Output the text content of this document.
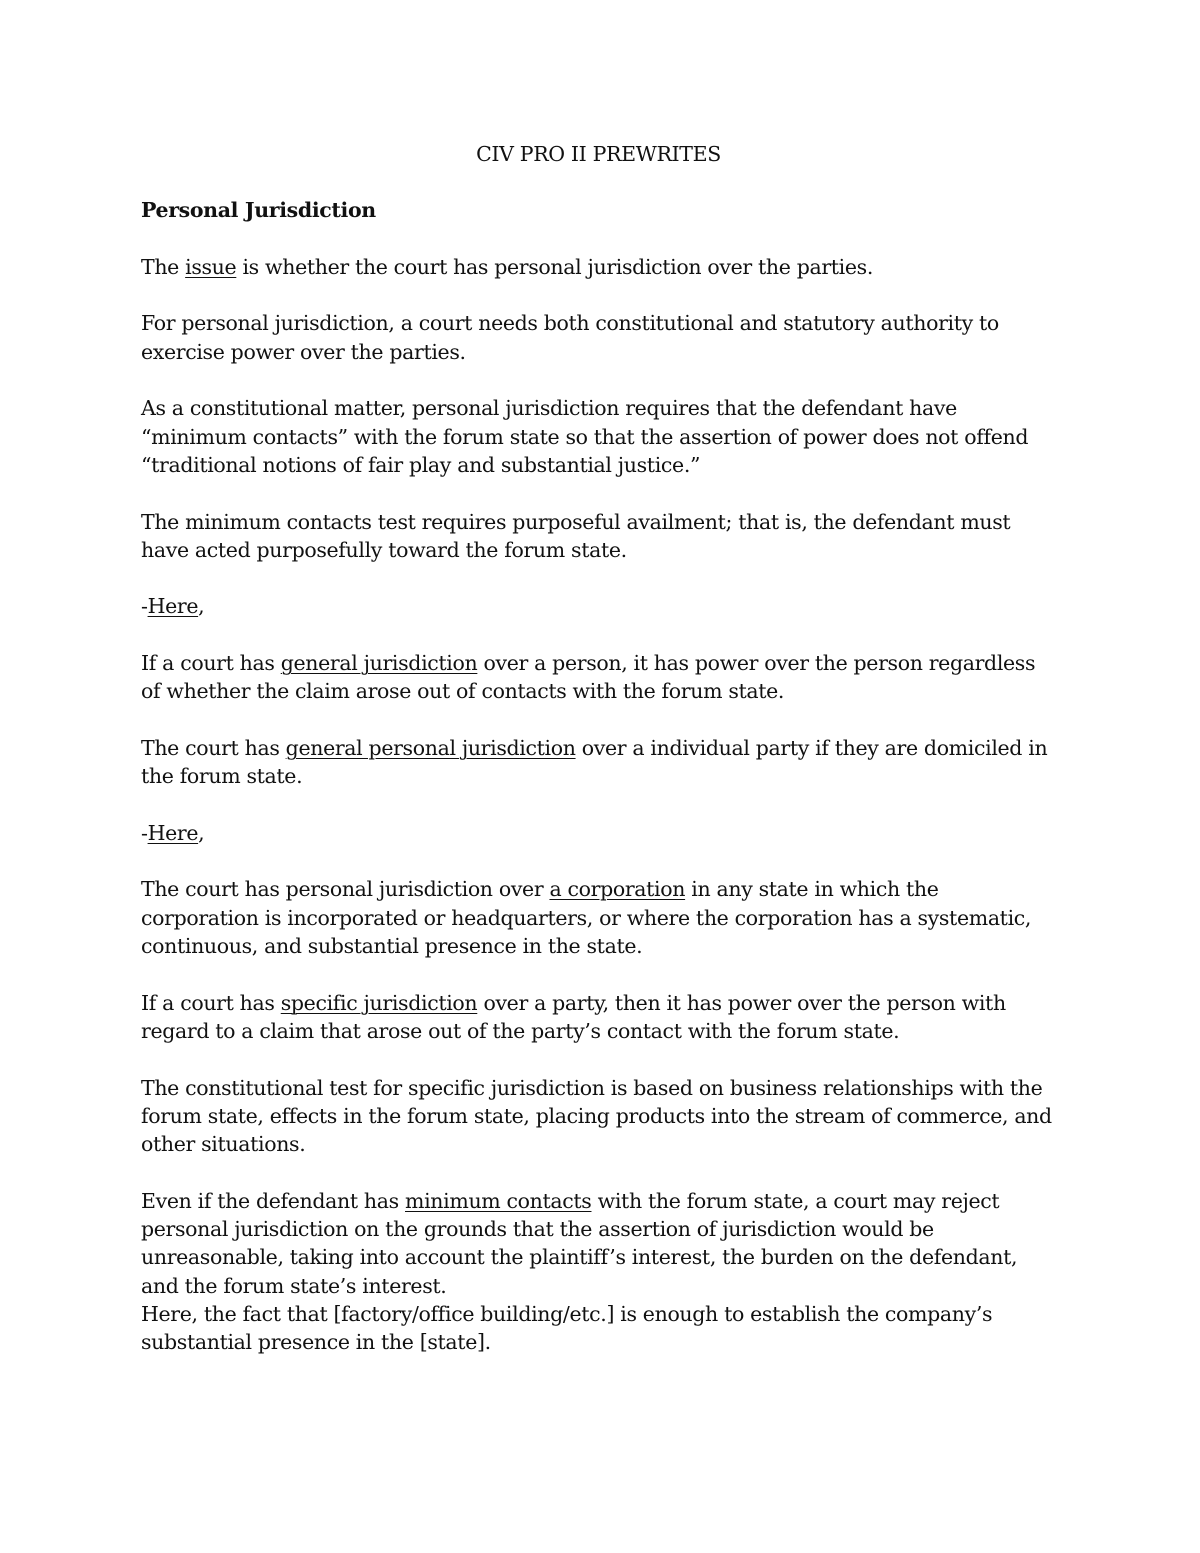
CIV PRO II PREWRITES
Personal Jurisdiction

The issue is whether the court has personal jurisdiction over the parties.

For personal jurisdiction, a court needs both constitutional and statutory authority to exercise power over the parties.

As a constitutional matter, personal jurisdiction requires that the defendant have “minimum contacts” with the forum state so that the assertion of power does not offend “traditional notions of fair play and substantial justice.”

The minimum contacts test requires purposeful availment; that is, the defendant must have acted purposefully toward the forum state.

-Here,

If a court has general jurisdiction over a person, it has power over the person regardless of whether the claim arose out of contacts with the forum state.

The court has general personal jurisdiction over a individual party if they are domiciled in the forum state.

-Here,

The court has personal jurisdiction over a corporation in any state in which the corporation is incorporated or headquarters, or where the corporation has a systematic, continuous, and substantial presence in the state.

If a court has specific jurisdiction over a party, then it has power over the person with regard to a claim that arose out of the party’s contact with the forum state.

The constitutional test for specific jurisdiction is based on business relationships with the forum state, effects in the forum state, placing products into the stream of commerce, and other situations.

Even if the defendant has minimum contacts with the forum state, a court may reject personal jurisdiction on the grounds that the assertion of jurisdiction would be unreasonable, taking into account the plaintiff’s interest, the burden on the defendant, and the forum state’s interest.

Here, the fact that [factory/office building/etc.] is enough to establish the company’s substantial presence in the [state].
